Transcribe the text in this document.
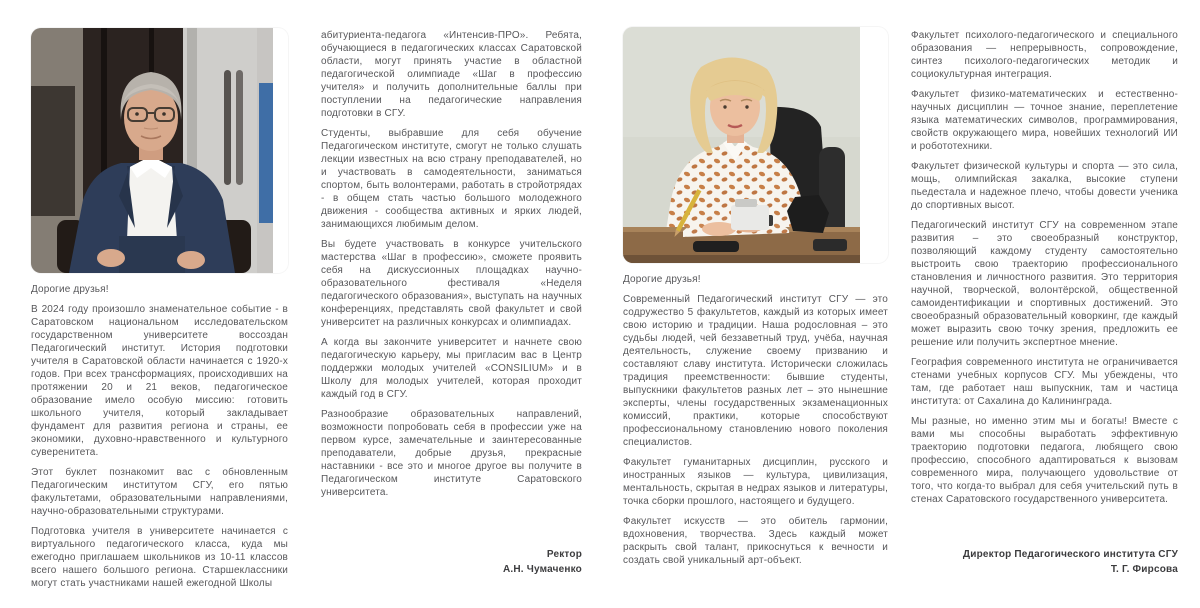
Дорогие друзья!

В 2024 году произошло знаменательное событие - в Саратовском национальном исследовательском государственном университете воссоздан Педагогический институт. История подготовки учителя в Саратовской области начинается с 1920-х годов. При всех трансформациях, происходивших на протяжении 20 и 21 веков, педагогическое образование имело особую миссию: готовить школьного учителя, который закладывает фундамент для развития региона и страны, ее экономики, духовно-нравственного и культурного суверенитета.

Этот буклет познакомит вас с обновленным Педагогическим институтом СГУ, его пятью факультетами, образовательными направлениями, научно-образовательными структурами.

Подготовка учителя в университете начинается с виртуального педагогического класса, куда мы ежегодно приглашаем школьников из 10-11 классов всего нашего большого региона. Старшеклассники могут стать участниками нашей ежегодной Школы

абитуриента-педагога «Интенсив-ПРО». Ребята, обучающиеся в педагогических классах Саратовской области, могут принять участие в областной педагогической олимпиаде «Шаг в профессию учителя» и получить дополнительные баллы при поступлении на педагогические направления подготовки в СГУ.

Студенты, выбравшие для себя обучение Педагогическом институте, смогут не только слушать лекции известных на всю страну преподавателей, но и участвовать в самодеятельности, заниматься спортом, быть волонтерами, работать в стройотрядах - в общем стать частью большого молодежного движения - сообщества активных и ярких людей, занимающихся любимым делом.

Вы будете участвовать в конкурсе учительского мастерства «Шаг в профессию», сможете проявить себя на дискуссионных площадках научно-образовательного фестиваля «Неделя педагогического образования», выступать на научных конференциях, представлять свой факультет и свой университет на различных конкурсах и олимпиадах.

А когда вы закончите университет и начнете свою педагогическую карьеру, мы пригласим вас в Центр поддержки молодых учителей «CONSILIUM» и в Школу для молодых учителей, которая проходит каждый год в СГУ.

Разнообразие образовательных направлений, возможности попробовать себя в профессии уже на первом курсе, замечательные и заинтересованные преподаватели, добрые друзья, прекрасные наставники - все это и многое другое вы получите в Педагогическом институте Саратовского университета.

Ректор
А.Н. Чумаченко

Дорогие друзья!

Современный Педагогический институт СГУ — это содружество 5 факультетов, каждый из которых имеет свою историю и традиции. Наша родословная – это судьбы людей, чей беззаветный труд, учёба, научная деятельность, служение своему призванию и составляют славу института. Исторически сложилась традиция преемственности: бывшие студенты, выпускники факультетов разных лет – это нынешние эксперты, члены государственных экзаменационных комиссий, практики, которые способствуют профессиональному становлению нового поколения специалистов.

Факультет гуманитарных дисциплин, русского и иностранных языков — культура, цивилизация, ментальность, скрытая в недрах языков и литературы, точка сборки прошлого, настоящего и будущего.

Факультет искусств — это обитель гармонии, вдохновения, творчества. Здесь каждый может раскрыть свой талант, прикоснуться к вечности и создать свой уникальный арт-объект.

Факультет психолого-педагогического и специального образования — непрерывность, сопровождение, синтез психолого-педагогических методик и социокультурная интеграция.

Факультет физико-математических и естественно-научных дисциплин — точное знание, переплетение языка математических символов, программирования, свойств окружающего мира, новейших технологий ИИ и робототехники.

Факультет физической культуры и спорта — это сила, мощь, олимпийская закалка, высокие ступени пьедестала и надежное плечо, чтобы довести ученика до спортивных высот.

Педагогический институт СГУ на современном этапе развития – это своеобразный конструктор, позволяющий каждому студенту самостоятельно выстроить свою траекторию профессионального становления и личностного развития. Это территория научной, творческой, волонтёрской, общественной самоидентификации и спортивных достижений. Это своеобразный образовательный коворкинг, где каждый может выразить свою точку зрения, предложить ее решение или получить экспертное мнение.

География современного института не ограничивается стенами учебных корпусов СГУ. Мы убеждены, что там, где работает наш выпускник, там и частица института: от Сахалина до Калининграда.

Мы разные, но именно этим мы и богаты! Вместе с вами мы способны выработать эффективную траекторию подготовки педагога, любящего свою профессию, способного адаптироваться к вызовам современного мира, получающего удовольствие от того, что когда-то выбрал для себя учительский путь в стенах Саратовского государственного университета.

Директор Педагогического института СГУ
Т. Г. Фирсова
